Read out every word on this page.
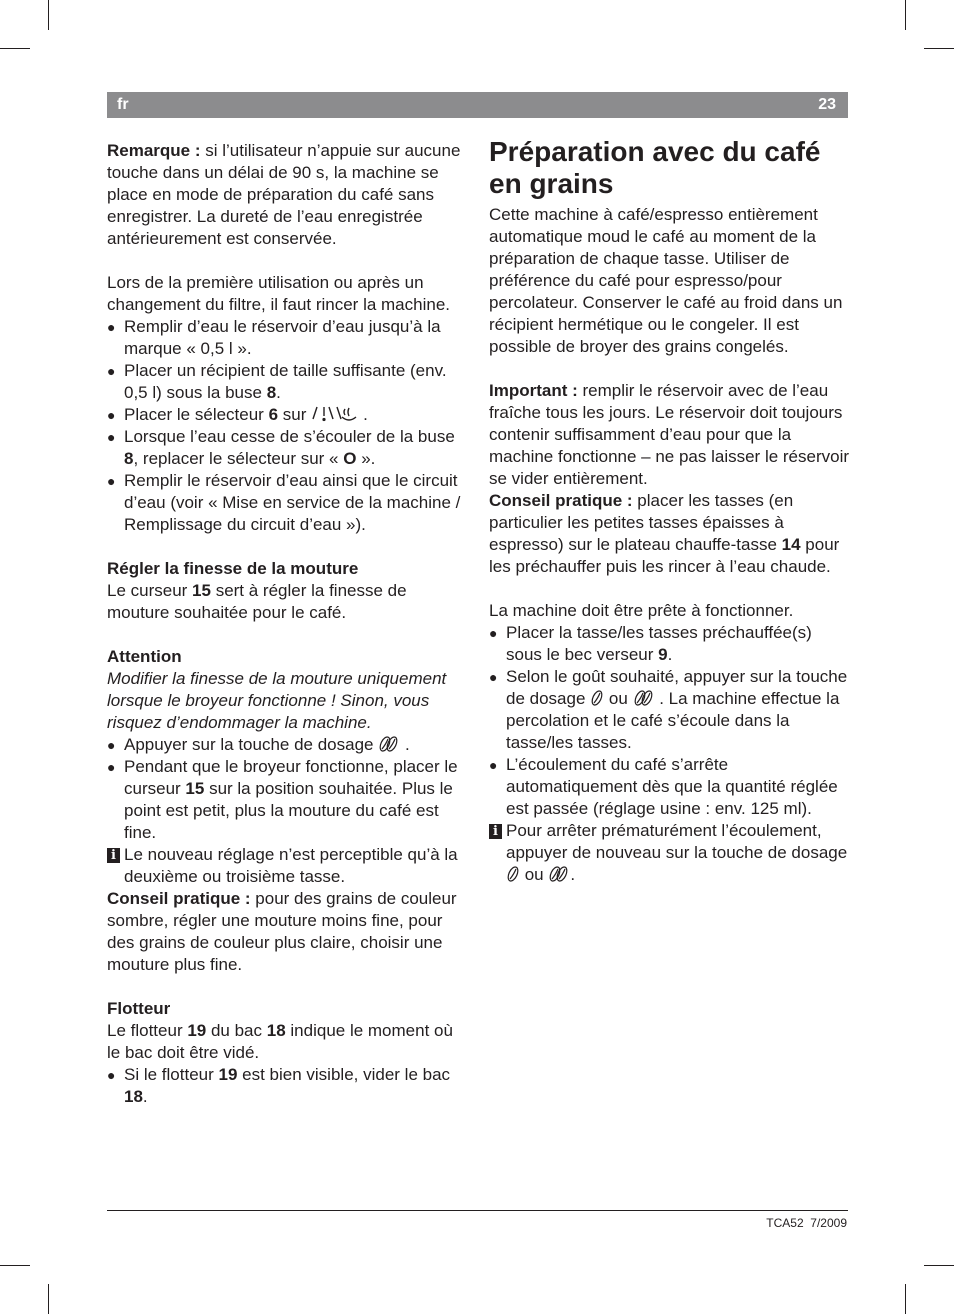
fr	23

Remarque : si l’utilisateur n’appuie sur aucune touche dans un délai de 90 s, la machine se place en mode de préparation du café sans enregistrer. La dureté de l’eau enregistrée antérieurement est conservée.

Lors de la première utilisation ou après un changement du filtre, il faut rincer la machine.

● Remplir d’eau le réservoir d’eau jusqu’à la marque « 0,5 l ».

● Placer un récipient de taille suffisante (env. 0,5 l) sous la buse 8.

● Placer le sélecteur 6 sur	.

● Lorsque l’eau cesse de s’écouler de la buse 8, replacer le sélecteur sur « O ».

● Remplir le réservoir d’eau ainsi que le circuit d’eau (voir « Mise en service de la machine / Remplissage du circuit d’eau »).

Régler la finesse de la mouture

Le curseur 15 sert à régler la finesse de mouture souhaitée pour le café.

Attention

Modifier la finesse de la mouture uniquement lorsque le broyeur fonctionne ! Sinon, vous risquez d’endommager la machine.

● Appuyer sur la touche de dosage  .

● Pendant que le broyeur fonctionne, placer le curseur 15 sur la position souhaitée. Plus le point est petit, plus la mouture du café est fine.

i Le nouveau réglage n’est perceptible qu’à la deuxième ou troisième tasse.

Conseil pratique : pour des grains de couleur sombre, régler une mouture moins fine, pour des grains de couleur plus claire, choisir une mouture plus fine.

Flotteur

Le flotteur 19 du bac 18 indique le moment où le bac doit être vidé.

● Si le flotteur 19 est bien visible, vider le bac 18.

Préparation avec du café en grains

Cette machine à café/espresso entièrement automatique moud le café au moment de la préparation de chaque tasse. Utiliser de préférence du café pour espresso/pour percolateur. Conserver le café au froid dans un récipient hermétique ou le congeler. Il est possible de broyer des grains congelés.

Important : remplir le réservoir avec de l’eau fraîche tous les jours. Le réservoir doit toujours contenir suffisamment d’eau pour que la machine fonctionne – ne pas laisser le réservoir se vider entièrement.

Conseil pratique : placer les tasses (en particulier les petites tasses épaisses à espresso) sur le plateau chauffe-tasse 14 pour les préchauffer puis les rincer à l’eau chaude.

La machine doit être prête à fonctionner.

● Placer la tasse/les tasses préchauffée(s) sous le bec verseur 9.

● Selon le goût souhaité, appuyer sur la touche de dosage  ou  . La machine effectue la percolation et le café s’écoule dans la tasse/les tasses.

● L’écoulement du café s’arrête automatiquement dès que la quantité réglée est passée (réglage usine : env. 125 ml).

i Pour arrêter prématurément l’écoulement, appuyer de nouveau sur la touche de dosage  ou .

TCA52 7/2009
